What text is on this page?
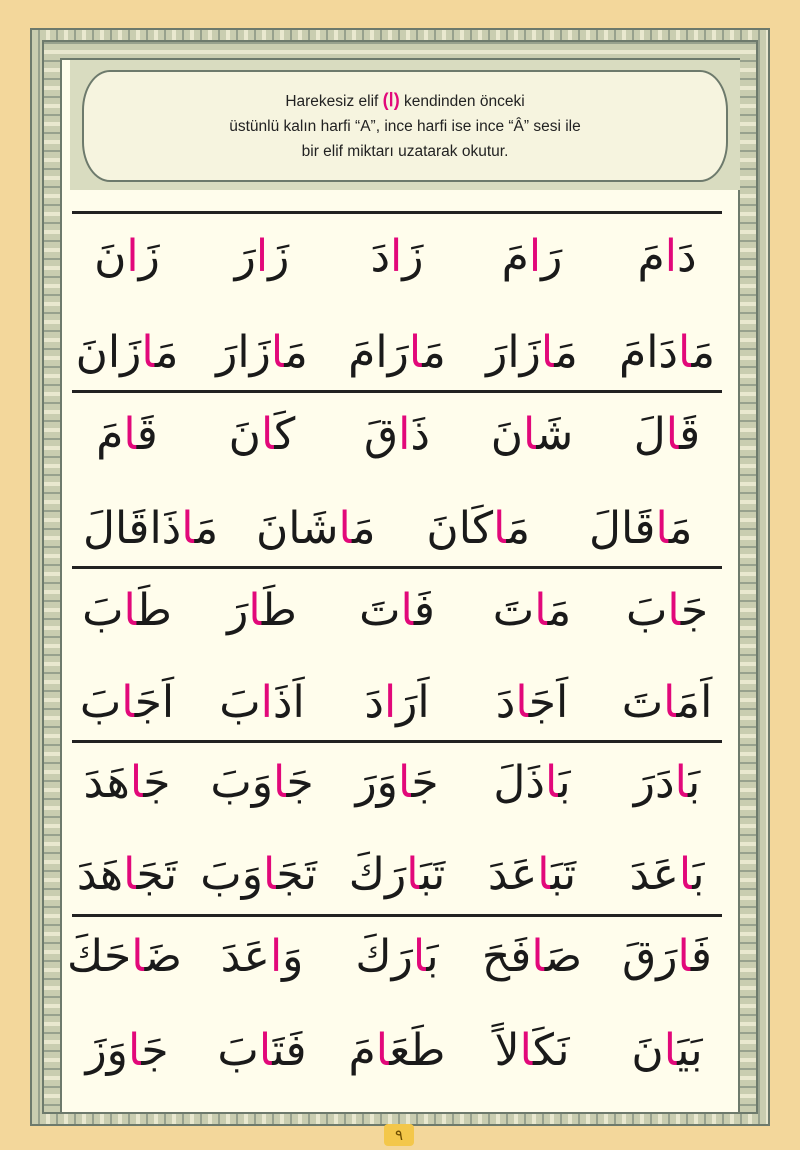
Harekesiz elif (ا) kendinden önceki
üstünlü kalın harfi “A”, ince harfi ise ince “Â” sesi ile
bir elif miktarı uzatarak okutur.
دَامَ
رَامَ
زَادَ
زَارَ
زَانَ
مَادَامَ
مَازَارَ
مَارَامَ
مَازَارَ
مَازَانَ
قَالَ
شَانَ
ذَاقَ
كَانَ
قَامَ
مَاقَالَ
مَاكَانَ
مَاشَانَ
مَاذَاقَالَ
جَابَ
مَاتَ
فَاتَ
طَارَ
طَابَ
اَمَاتَ
اَجَادَ
اَرَادَ
اَذَابَ
اَجَابَ
بَادَرَ
بَاذَلَ
جَاوَرَ
جَاوَبَ
جَاهَدَ
بَاعَدَ
تَبَاعَدَ
تَبَارَكَ
تَجَاوَبَ
تَجَاهَدَ
فَارَقَ
صَافَحَ
بَارَكَ
وَاعَدَ
ضَاحَكَ
بَيَانَ
نَكَالاً
طَعَامَ
فَتَابَ
جَاوَزَ
٩
